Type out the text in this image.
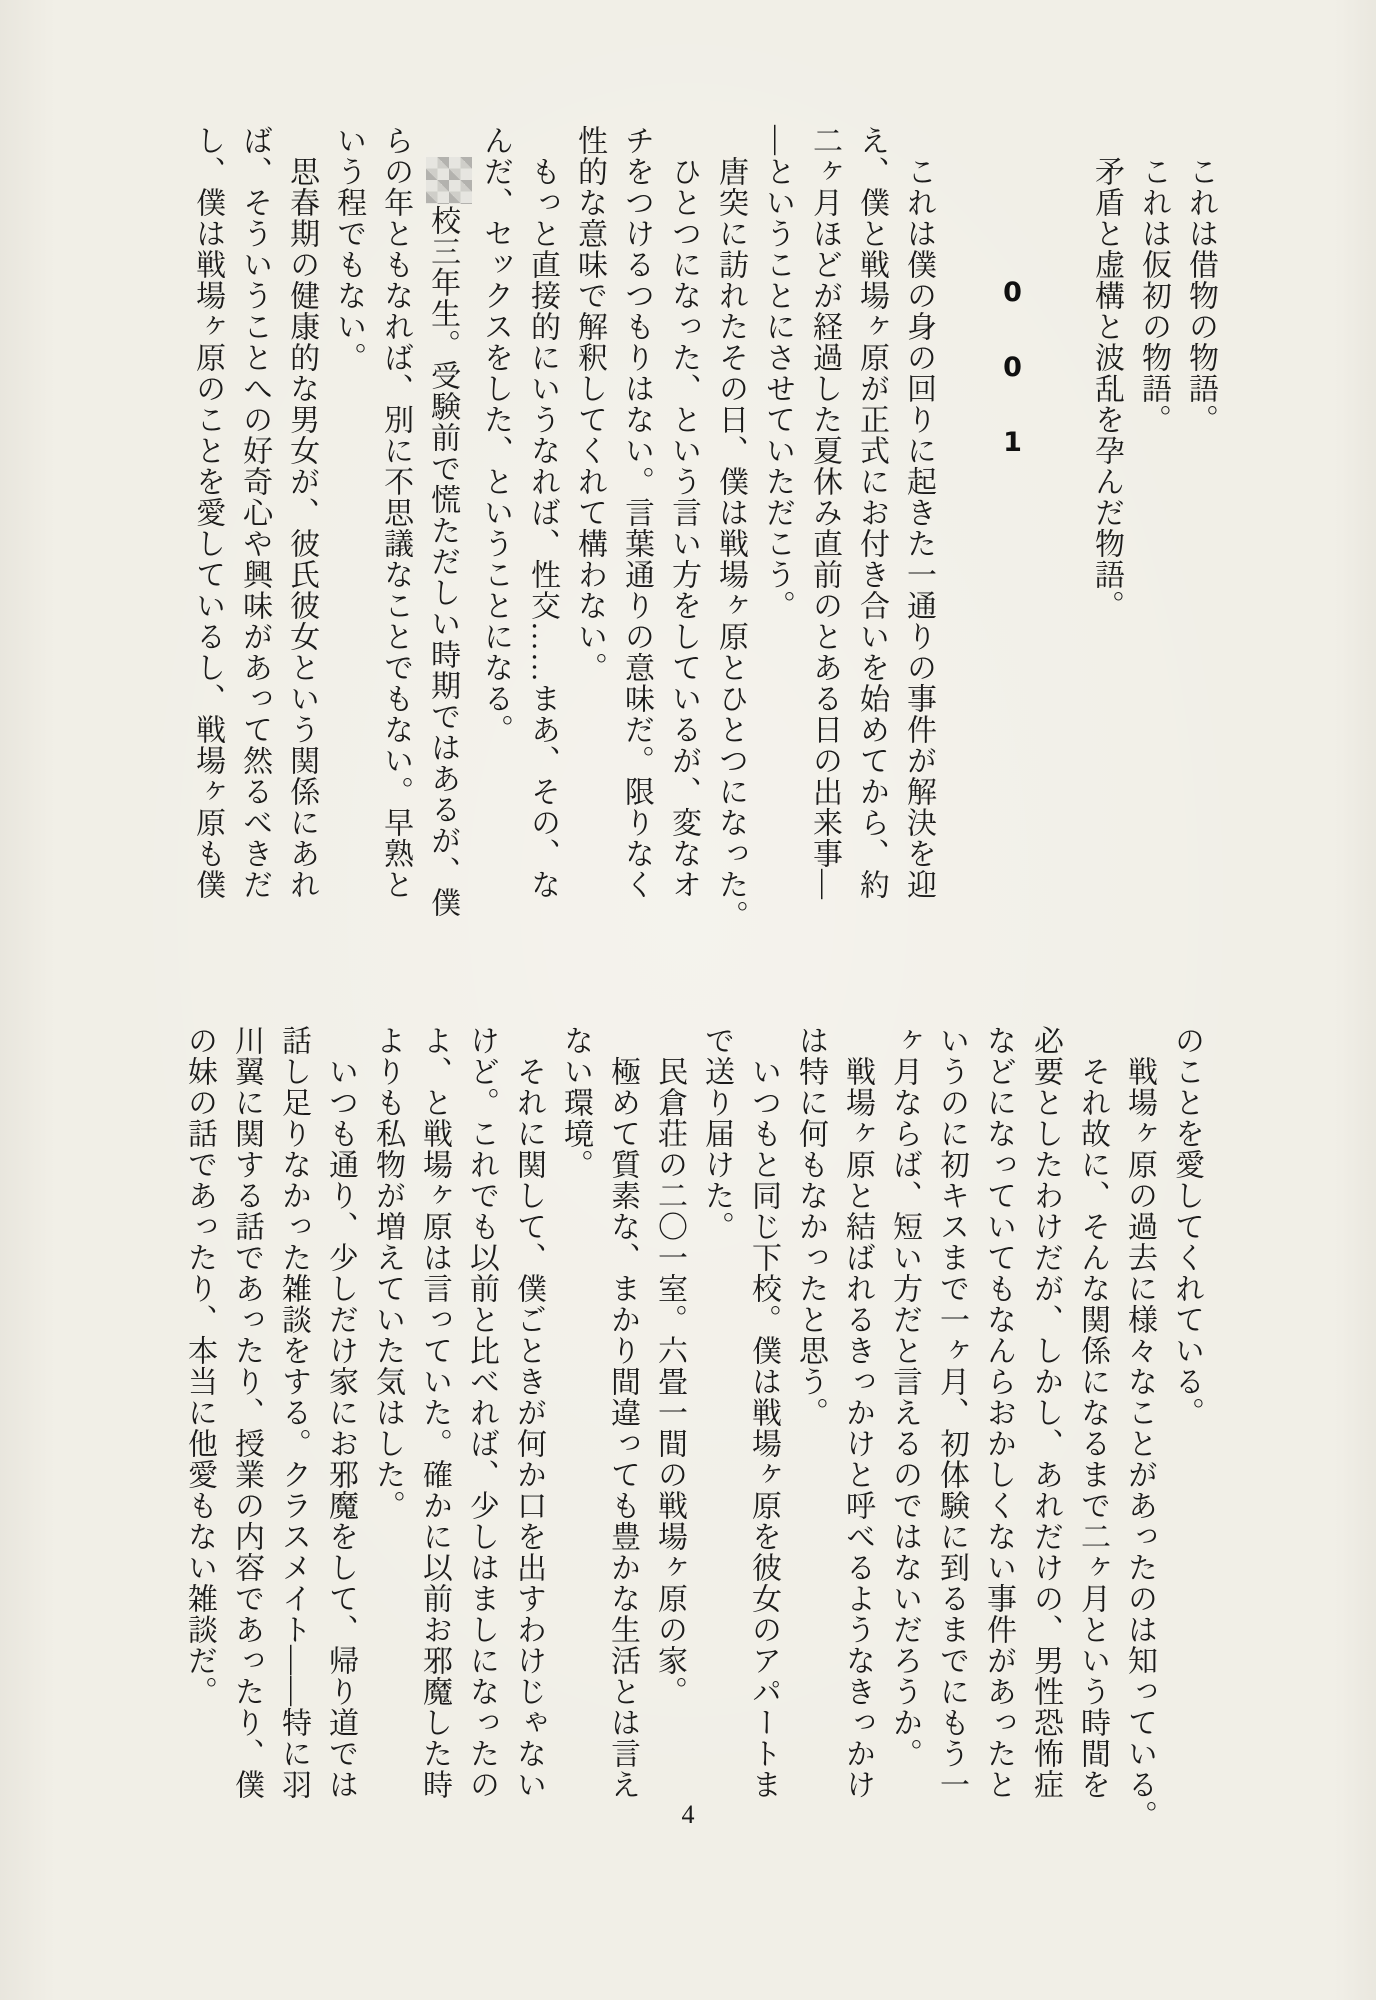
これは借物の物語。
これは仮初の物語。
矛盾と虚構と波乱を孕んだ物語。
001
これは僕の身の回りに起きた一通りの事件が解決を迎
え、僕と戦場ヶ原が正式にお付き合いを始めてから、約
二ヶ月ほどが経過した夏休み直前のとある日の出来事―
―ということにさせていただこう。
唐突に訪れたその日、僕は戦場ヶ原とひとつになった。
ひとつになった、という言い方をしているが、変なオ
チをつけるつもりはない。言葉通りの意味だ。限りなく
性的な意味で解釈してくれて構わない。
もっと直接的にいうなれば、性交……まあ、その、な
んだ、セックスをした、ということになる。
校三年生。受験前で慌ただしい時期ではあるが、僕
らの年ともなれば、別に不思議なことでもない。早熟と
いう程でもない。
思春期の健康的な男女が、彼氏彼女という関係にあれ
ば、そういうことへの好奇心や興味があって然るべきだ
し、僕は戦場ヶ原のことを愛しているし、戦場ヶ原も僕
のことを愛してくれている。
戦場ヶ原の過去に様々なことがあったのは知っている。
それ故に、そんな関係になるまで二ヶ月という時間を
必要としたわけだが、しかし、あれだけの、男性恐怖症
などになっていてもなんらおかしくない事件があったと
いうのに初キスまで一ヶ月、初体験に到るまでにもう一
ヶ月ならば、短い方だと言えるのではないだろうか。
戦場ヶ原と結ばれるきっかけと呼べるようなきっかけ
は特に何もなかったと思う。
いつもと同じ下校。僕は戦場ヶ原を彼女のアパートま
で送り届けた。
民倉荘の二〇一室。六畳一間の戦場ヶ原の家。
極めて質素な、まかり間違っても豊かな生活とは言え
ない環境。
それに関して、僕ごときが何か口を出すわけじゃない
けど。これでも以前と比べれば、少しはましになったの
よ、と戦場ヶ原は言っていた。確かに以前お邪魔した時
よりも私物が増えていた気はした。
いつも通り、少しだけ家にお邪魔をして、帰り道では
話し足りなかった雑談をする。クラスメイト――特に羽
川翼に関する話であったり、授業の内容であったり、僕
の妹の話であったり、本当に他愛もない雑談だ。
4
